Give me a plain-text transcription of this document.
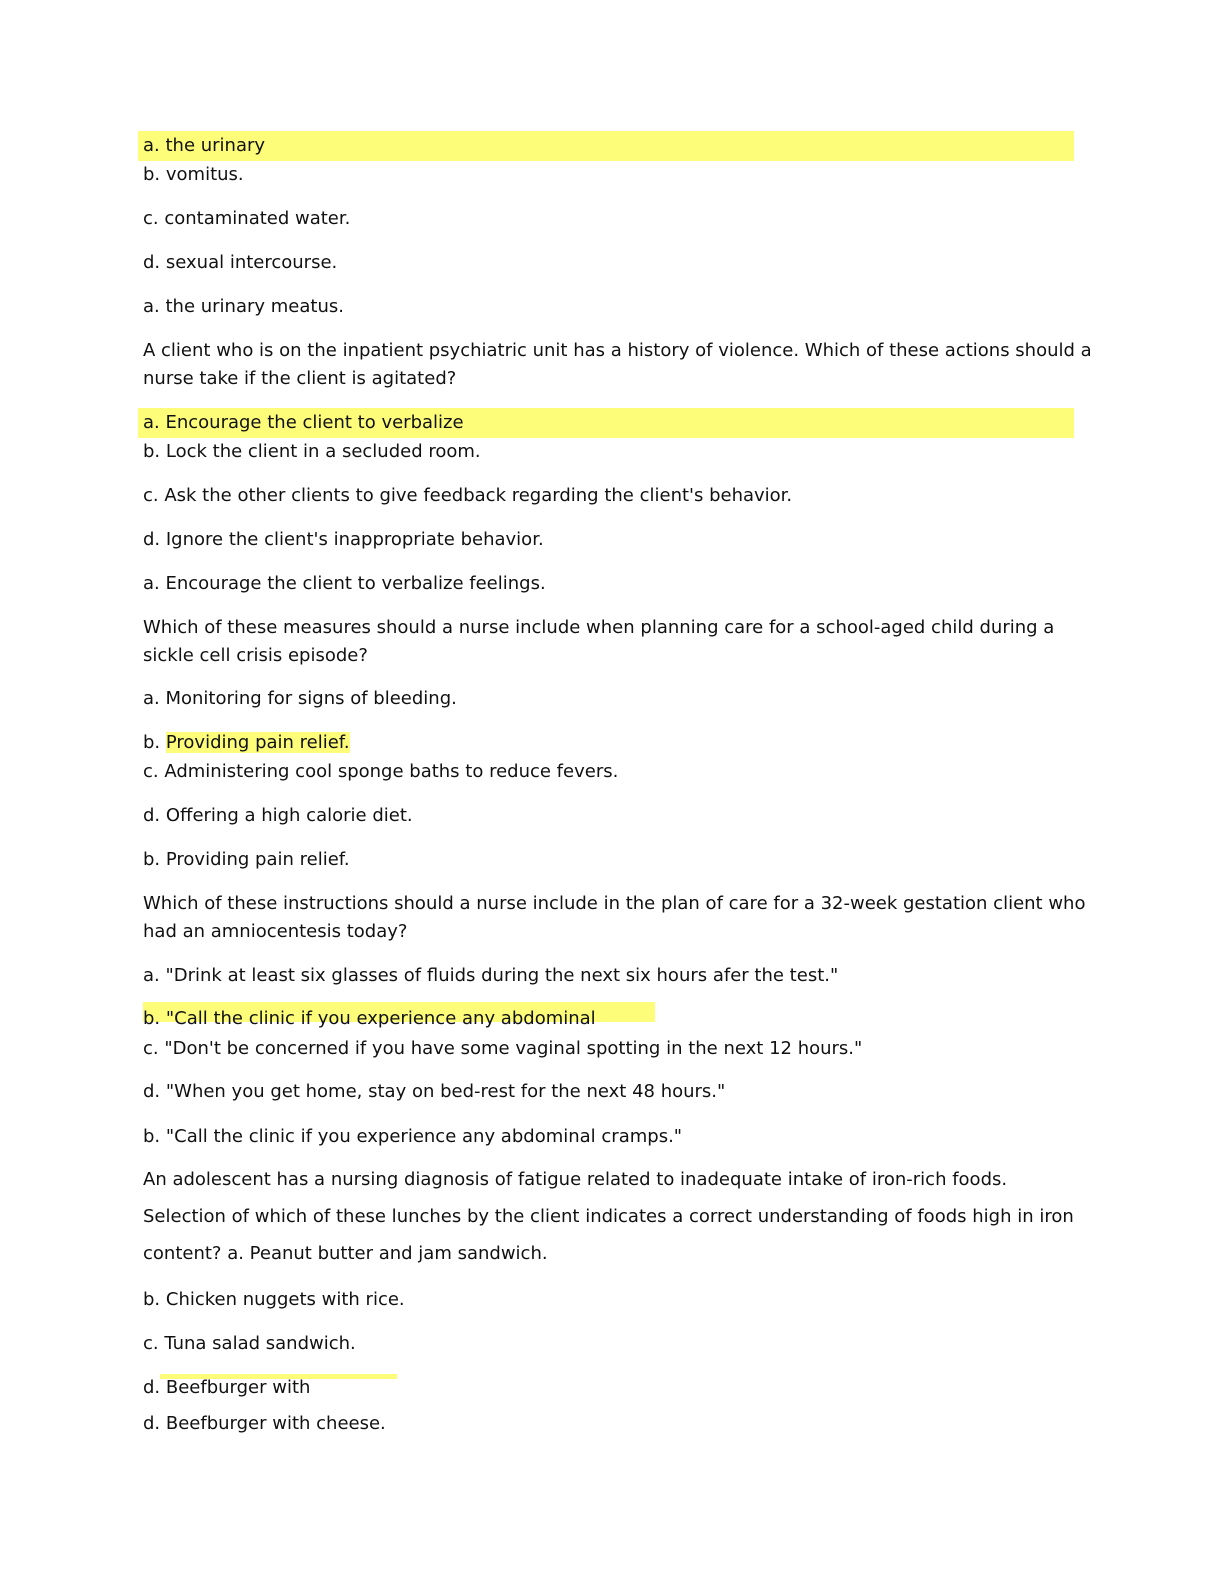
a. the urinary
b. vomitus.
c. contaminated water.
d. sexual intercourse.
a. the urinary meatus.
A client who is on the inpatient psychiatric unit has a history of violence. Which of these actions should a
nurse take if the client is agitated?
a. Encourage the client to verbalize
b. Lock the client in a secluded room.
c. Ask the other clients to give feedback regarding the client's behavior.
d. Ignore the client's inappropriate behavior.
a. Encourage the client to verbalize feelings.
Which of these measures should a nurse include when planning care for a school-aged child during a
sickle cell crisis episode?
a. Monitoring for signs of bleeding.
b. Providing pain relief.
c. Administering cool sponge baths to reduce fevers.
d. Offering a high calorie diet.
b. Providing pain relief.
Which of these instructions should a nurse include in the plan of care for a 32-week gestation client who
had an amniocentesis today?
a. "Drink at least six glasses of fluids during the next six hours afer the test."
b. "Call the clinic if you experience any abdominal
c. "Don't be concerned if you have some vaginal spotting in the next 12 hours."
d. "When you get home, stay on bed-rest for the next 48 hours."
b. "Call the clinic if you experience any abdominal cramps."
An adolescent has a nursing diagnosis of fatigue related to inadequate intake of iron-rich foods.
Selection of which of these lunches by the client indicates a correct understanding of foods high in iron
content? a. Peanut butter and jam sandwich.
b. Chicken nuggets with rice.
c. Tuna salad sandwich.
d. Beefburger with
d. Beefburger with cheese.
